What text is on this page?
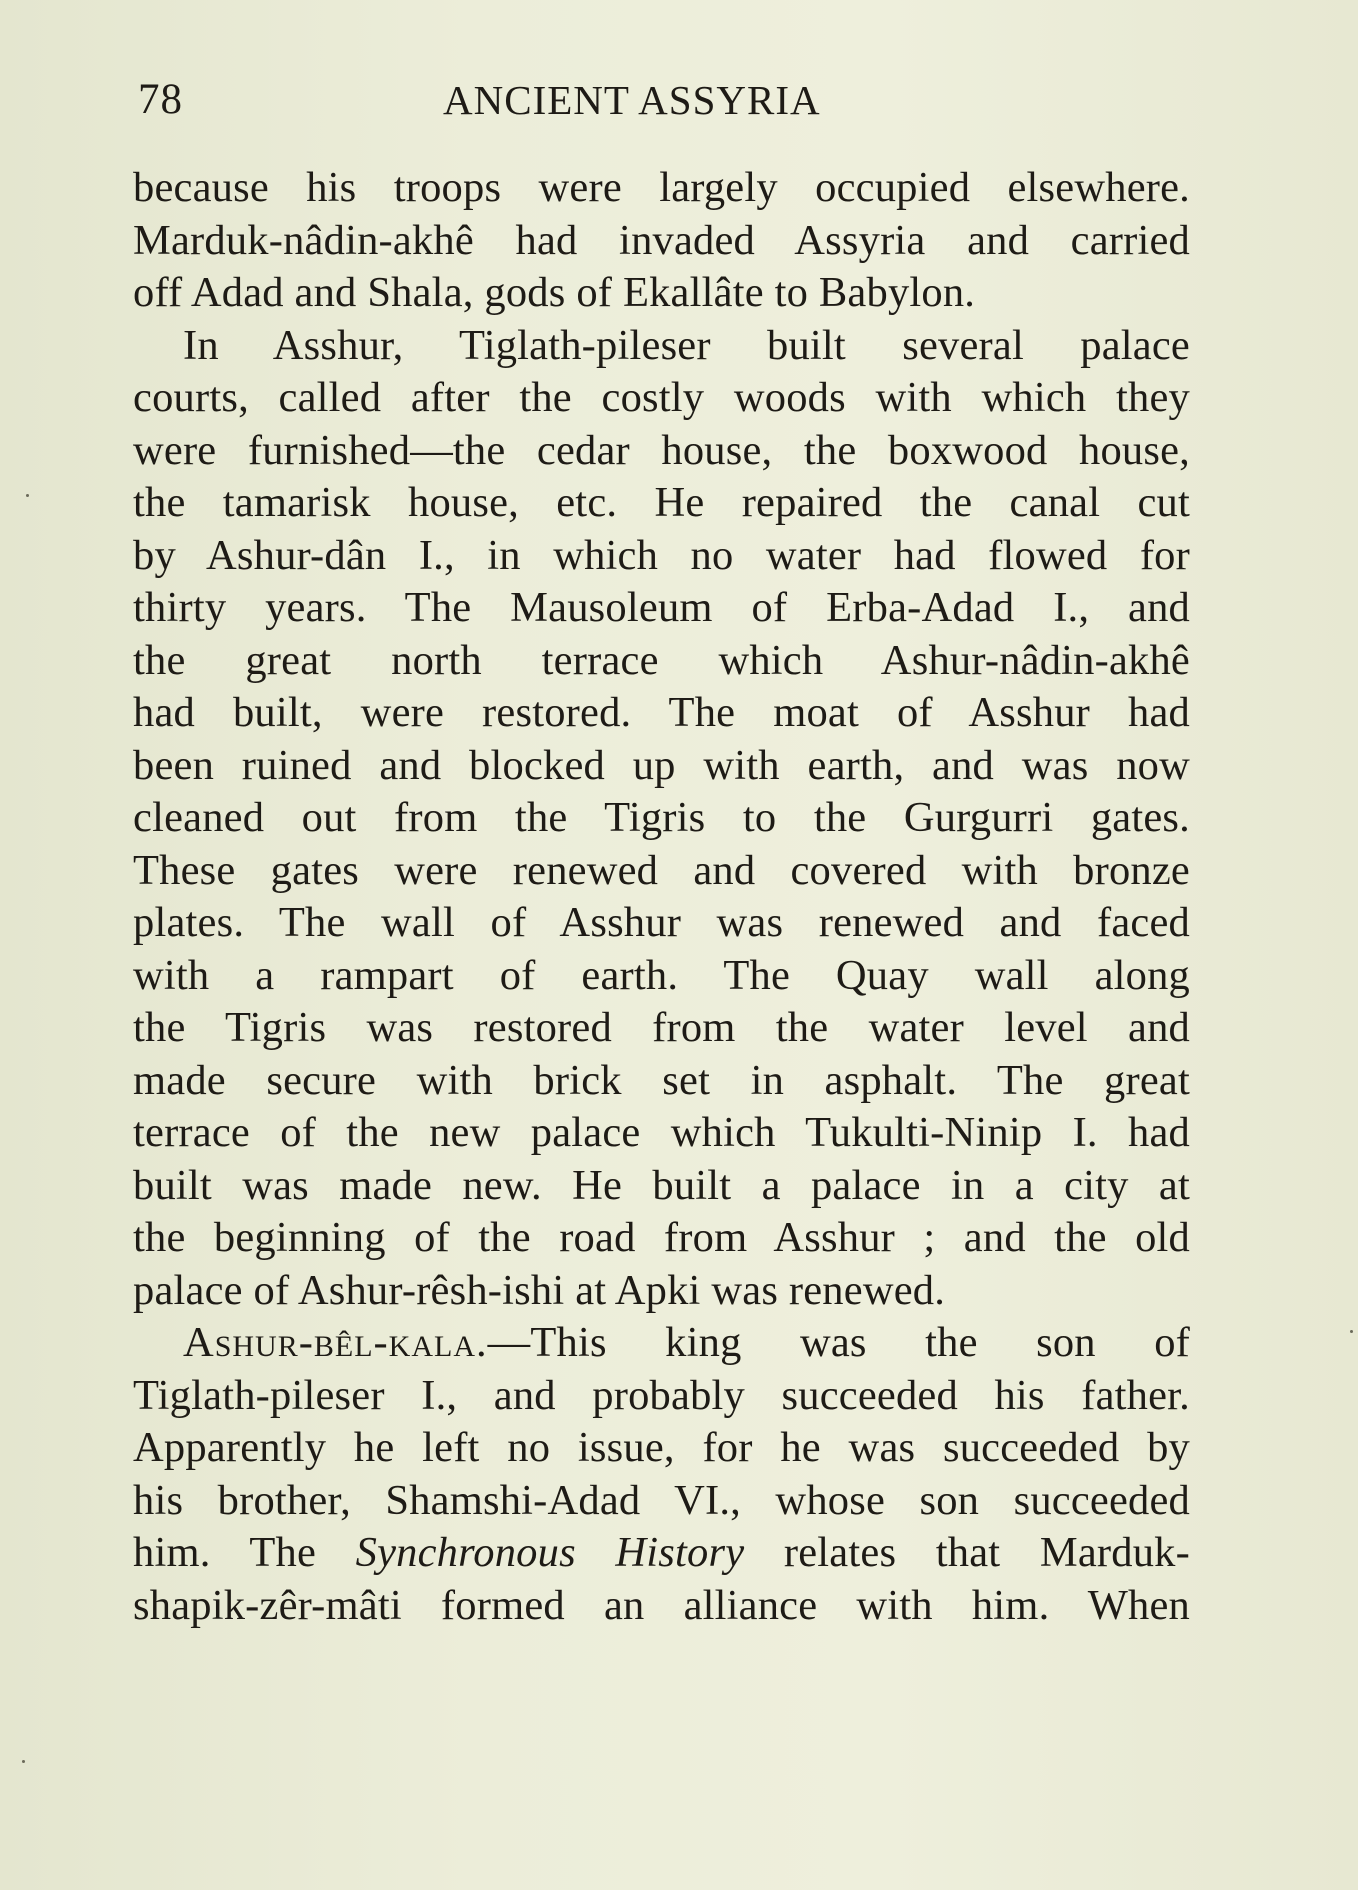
78	ANCIENT ASSYRIA
because his troops were largely occupied elsewhere.
Marduk-nâdin-akhê had invaded Assyria and carried
off Adad and Shala, gods of Ekallâte to Babylon.
In Asshur, Tiglath-pileser built several palace
courts, called after the costly woods with which they
were furnished—the cedar house, the boxwood house,
the tamarisk house, etc. He repaired the canal cut
by Ashur-dân I., in which no water had flowed for
thirty years. The Mausoleum of Erba-Adad I., and
the great north terrace which Ashur-nâdin-akhê
had built, were restored. The moat of Asshur had
been ruined and blocked up with earth, and was now
cleaned out from the Tigris to the Gurgurri gates.
These gates were renewed and covered with bronze
plates. The wall of Asshur was renewed and faced
with a rampart of earth. The Quay wall along
the Tigris was restored from the water level and
made secure with brick set in asphalt. The great
terrace of the new palace which Tukulti-Ninip I. had
built was made new. He built a palace in a city at
the beginning of the road from Asshur ; and the old
palace of Ashur-rêsh-ishi at Apki was renewed.
Ashur-bêl-kala.—This king was the son of
Tiglath-pileser I., and probably succeeded his father.
Apparently he left no issue, for he was succeeded by
his brother, Shamshi-Adad VI., whose son succeeded
him. The Synchronous History relates that Marduk-
shapik-zêr-mâti formed an alliance with him. When
